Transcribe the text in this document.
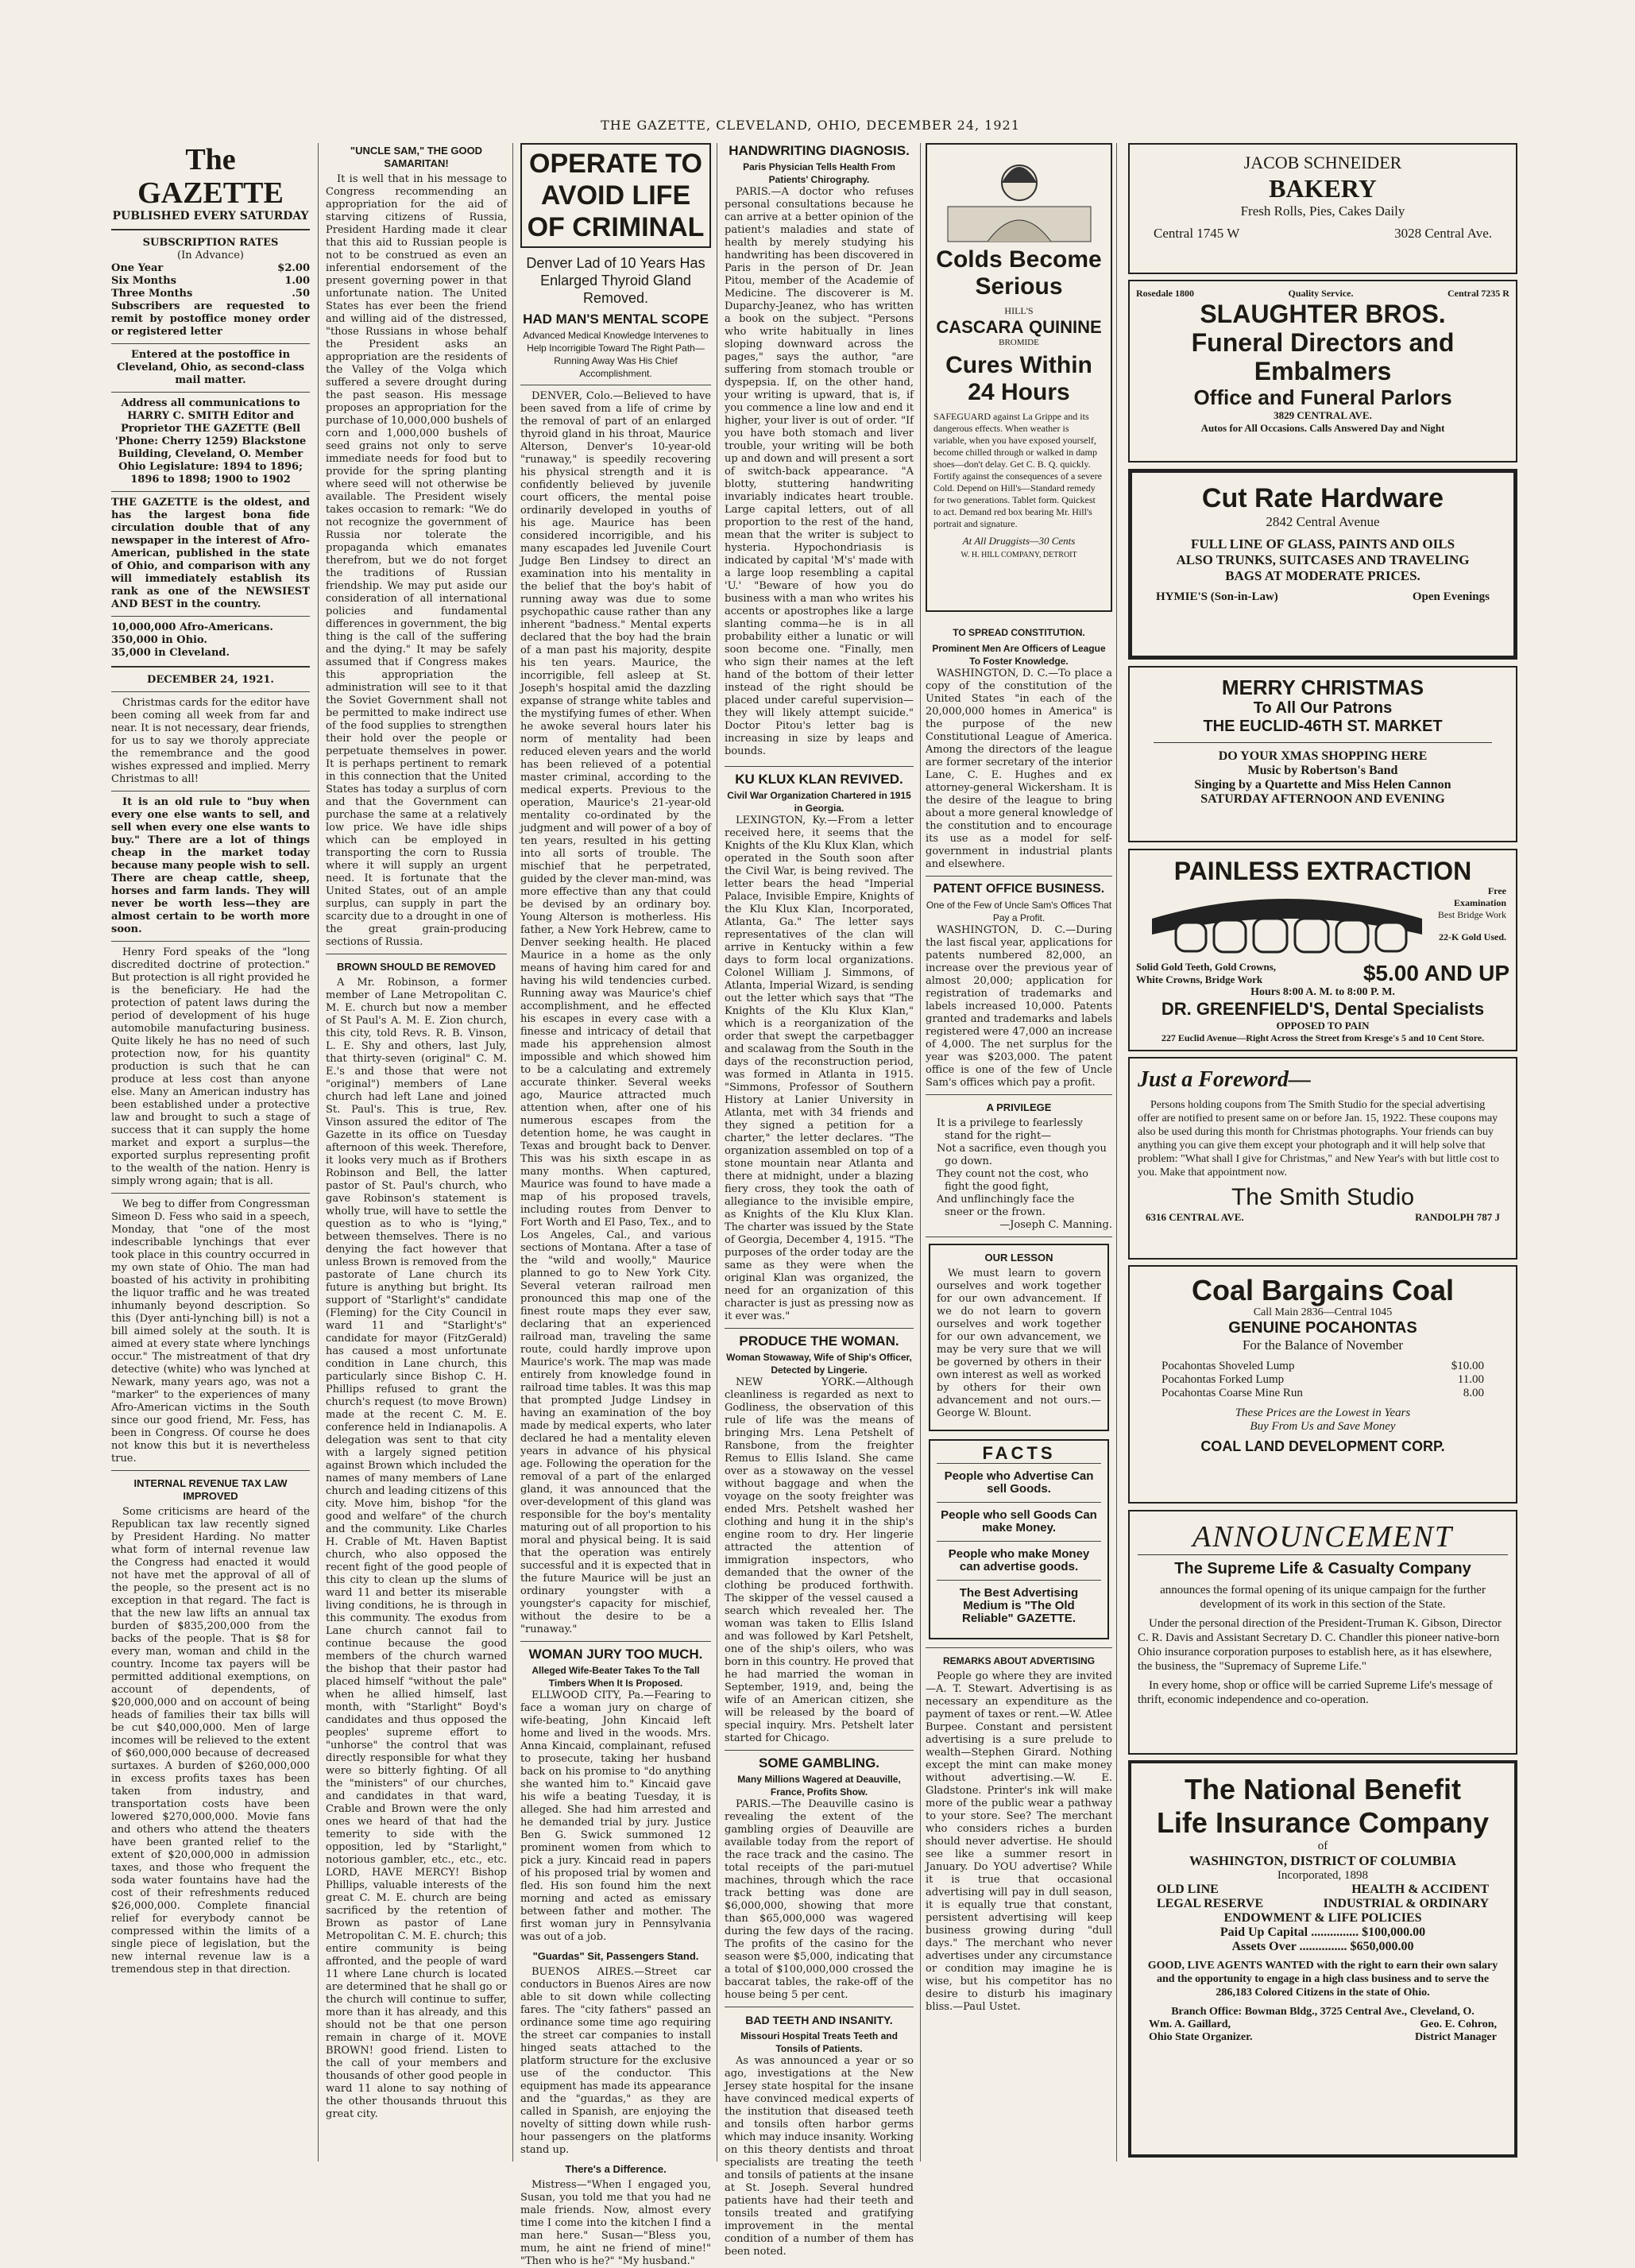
THE GAZETTE, CLEVELAND, OHIO, DECEMBER 24, 1921
The GAZETTE
PUBLISHED EVERY SATURDAY
SUBSCRIPTION RATES
(In Advance)
One Year	$2.00
Six Months	1.00
Three Months	.50

Subscribers are requested to remit by postoffice money order or registered letter

Entered at the postoffice in Cleveland, Ohio, as second-class mail matter.

Address all communications to HARRY C. SMITH Editor and Proprietor THE GAZETTE (Bell 'Phone: Cherry 1259) Blackstone Building, Cleveland, O. Member Ohio Legislature: 1894 to 1896; 1896 to 1898; 1900 to 1902

THE GAZETTE is the oldest, and has the largest bona fide circulation double that of any newspaper in the interest of Afro-American, published in the state of Ohio, and comparison with any will immediately establish its rank as one of the NEWSIEST AND BEST in the country.

10,000,000 Afro-Americans.

350,000 in Ohio.

35,000 in Cleveland.

DECEMBER 24, 1921.

Christmas cards for the editor have been coming all week from far and near. It is not necessary, dear friends, for us to say we thoroly appreciate the remembrance and the good wishes expressed and implied. Merry Christmas to all!

It is an old rule to "buy when every one else wants to sell, and sell when every one else wants to buy." There are a lot of things cheap in the market today because many people wish to sell. There are cheap cattle, sheep, horses and farm lands. They will never be worth less—they are almost certain to be worth more soon.

Henry Ford speaks of the "long discredited doctrine of protection." But protection is all right provided he is the beneficiary. He had the protection of patent laws during the period of development of his huge automobile manufacturing business. Quite likely he has no need of such protection now, for his quantity production is such that he can produce at less cost than anyone else. Many an American industry has been established under a protective law and brought to such a stage of success that it can supply the home market and export a surplus—the exported surplus representing profit to the wealth of the nation. Henry is simply wrong again; that is all.

We beg to differ from Congressman Simeon D. Fess who said in a speech, Monday, that "one of the most indescribable lynchings that ever took place in this country occurred in my own state of Ohio. The man had boasted of his activity in prohibiting the liquor traffic and he was treated inhumanly beyond description. So this (Dyer anti-lynching bill) is not a bill aimed solely at the south. It is aimed at every state where lynchings occur." The mistreatment of that dry detective (white) who was lynched at Newark, many years ago, was not a "marker" to the experiences of many Afro-American victims in the South since our good friend, Mr. Fess, has been in Congress. Of course he does not know this but it is nevertheless true.

INTERNAL REVENUE TAX LAW IMPROVED

Some criticisms are heard of the Republican tax law recently signed by President Harding. No matter what form of internal revenue law the Congress had enacted it would not have met the approval of all of the people, so the present act is no exception in that regard. The fact is that the new law lifts an annual tax burden of $835,200,000 from the backs of the people. That is $8 for every man, woman and child in the country. Income tax payers will be permitted additional exemptions, on account of dependents, of $20,000,000 and on account of being heads of families their tax bills will be cut $40,000,000. Men of large incomes will be relieved to the extent of $60,000,000 because of decreased surtaxes. A burden of $260,000,000 in excess profits taxes has been taken from industry, and transportation costs have been lowered $270,000,000. Movie fans and others who attend the theaters have been granted relief to the extent of $20,000,000 in admission taxes, and those who frequent the soda water fountains have had the cost of their refreshments reduced $26,000,000. Complete financial relief for everybody cannot be compressed within the limits of a single piece of legislation, but the new internal revenue law is a tremendous step in that direction.

"UNCLE SAM," THE GOOD SAMARITAN!

It is well that in his message to Congress recommending an appropriation for the aid of starving citizens of Russia, President Harding made it clear that this aid to Russian people is not to be construed as even an inferential endorsement of the present governing power in that unfortunate nation. The United States has ever been the friend and willing aid of the distressed, "those Russians in whose behalf the President asks an appropriation are the residents of the Valley of the Volga which suffered a severe drought during the past season. His message proposes an appropriation for the purchase of 10,000,000 bushels of corn and 1,000,000 bushels of seed grains not only to serve immediate needs for food but to provide for the spring planting where seed will not otherwise be available. The President wisely takes occasion to remark: "We do not recognize the government of Russia nor tolerate the propaganda which emanates therefrom, but we do not forget the traditions of Russian friendship. We may put aside our consideration of all international policies and fundamental differences in government, the big thing is the call of the suffering and the dying." It may be safely assumed that if Congress makes this appropriation the administration will see to it that the Soviet Government shall not be permitted to make indirect use of the food supplies to strengthen their hold over the people or perpetuate themselves in power. It is perhaps pertinent to remark in this connection that the United States has today a surplus of corn and that the Government can purchase the same at a relatively low price. We have idle ships which can be employed in transporting the corn to Russia where it will supply an urgent need. It is fortunate that the United States, out of an ample surplus, can supply in part the scarcity due to a drought in one of the great grain-producing sections of Russia.

BROWN SHOULD BE REMOVED

A Mr. Robinson, a former member of Lane Metropolitan C. M. E. church but now a member of St Paul's A. M. E. Zion church, this city, told Revs. R. B. Vinson, L. E. Shy and others, last July, that thirty-seven (original" C. M. E.'s and those that were not "original") members of Lane church had left Lane and joined St. Paul's. This is true, Rev. Vinson assured the editor of The Gazette in its office on Tuesday afternoon of this week. Therefore, it looks very much as if Brothers Robinson and Bell, the latter pastor of St. Paul's church, who gave Robinson's statement is wholly true, will have to settle the question as to who is "lying," between themselves. There is no denying the fact however that unless Brown is removed from the pastorate of Lane church its future is anything but bright. Its support of "Starlight's" candidate (Fleming) for the City Council in ward 11 and "Starlight's" candidate for mayor (FitzGerald) has caused a most unfortunate condition in Lane church, this particularly since Bishop C. H. Phillips refused to grant the church's request (to move Brown) made at the recent C. M. E. conference held in Indianapolis. A delegation was sent to that city with a largely signed petition against Brown which included the names of many members of Lane church and leading citizens of this city. Move him, bishop "for the good and welfare" of the church and the community. Like Charles H. Crable of Mt. Haven Baptist church, who also opposed the recent fight of the good people of this city to clean up the slums of ward 11 and better its miserable living conditions, he is through in this community. The exodus from Lane church cannot fail to continue because the good members of the church warned the bishop that their pastor had placed himself "without the pale" when he allied himself, last month, with "Starlight" Boyd's candidates and thus opposed the peoples' supreme effort to "unhorse" the control that was directly responsible for what they were so bitterly fighting. Of all the "ministers" of our churches, and candidates in that ward, Crable and Brown were the only ones we heard of that had the temerity to side with the opposition, led by "Starlight," notorious gambler, etc., etc., etc. LORD, HAVE MERCY! Bishop Phillips, valuable interests of the great C. M. E. church are being sacrificed by the retention of Brown as pastor of Lane Metropolitan C. M. E. church; this entire community is being affronted, and the people of ward 11 where Lane church is located are determined that he shall go or the church will continue to suffer, more than it has already, and this should not be that one person remain in charge of it. MOVE BROWN! good friend. Listen to the call of your members and thousands of other good people in ward 11 alone to say nothing of the other thousands thruout this great city.

OPERATE TO AVOID LIFE OF CRIMINAL
Denver Lad of 10 Years Has Enlarged Thyroid Gland Removed.
HAD MAN'S MENTAL SCOPE

Advanced Medical Knowledge Intervenes to Help Incorrigible Toward The Right Path—Running Away Was His Chief Accomplishment.

DENVER, Colo.—Believed to have been saved from a life of crime by the removal of part of an enlarged thyroid gland in his throat, Maurice Alterson, Denver's 10-year-old "runaway," is speedily recovering his physical strength and it is confidently believed by juvenile court officers, the mental poise ordinarily developed in youths of his age. Maurice has been considered incorrigible, and his many escapades led Juvenile Court Judge Ben Lindsey to direct an examination into his mentality in the belief that the boy's habit of running away was due to some psychopathic cause rather than any inherent "badness." Mental experts declared that the boy had the brain of a man past his majority, despite his ten years. Maurice, the incorrigible, fell asleep at St. Joseph's hospital amid the dazzling expanse of strange white tables and the mystifying fumes of ether. When he awoke several hours later his norm of mentality had been reduced eleven years and the world has been relieved of a potential master criminal, according to the medical experts. Previous to the operation, Maurice's 21-year-old mentality co-ordinated by the judgment and will power of a boy of ten years, resulted in his getting into all sorts of trouble. The mischief that he perpetrated, guided by the clever man-mind, was more effective than any that could be devised by an ordinary boy. Young Alterson is motherless. His father, a New York Hebrew, came to Denver seeking health. He placed Maurice in a home as the only means of having him cared for and having his wild tendencies curbed. Running away was Maurice's chief accomplishment, and he effected his escapes in every case with a finesse and intricacy of detail that made his apprehension almost impossible and which showed him to be a calculating and extremely accurate thinker. Several weeks ago, Maurice attracted much attention when, after one of his numerous escapes from the detention home, he was caught in Texas and brought back to Denver. This was his sixth escape in as many months. When captured, Maurice was found to have made a map of his proposed travels, including routes from Denver to Fort Worth and El Paso, Tex., and to Los Angeles, Cal., and various sections of Montana. After a tase of the "wild and woolly," Maurice planned to go to New York City. Several veteran railroad men pronounced this map one of the finest route maps they ever saw, declaring that an experienced railroad man, traveling the same route, could hardly improve upon Maurice's work. The map was made entirely from knowledge found in railroad time tables. It was this map that prompted Judge Lindsey in having an examination of the boy made by medical experts, who later declared he had a mentality eleven years in advance of his physical age. Following the operation for the removal of a part of the enlarged gland, it was announced that the over-development of this gland was responsible for the boy's mentality maturing out of all proportion to his moral and physical being. It is said that the operation was entirely successful and it is expected that in the future Maurice will be just an ordinary youngster with a youngster's capacity for mischief, without the desire to be a "runaway."

WOMAN JURY TOO MUCH.

Alleged Wife-Beater Takes To the Tall Timbers When It Is Proposed.

ELLWOOD CITY, Pa.—Fearing to face a woman jury on charge of wife-beating, John Kincaid left home and lived in the woods. Mrs. Anna Kincaid, complainant, refused to prosecute, taking her husband back on his promise to "do anything she wanted him to." Kincaid gave his wife a beating Tuesday, it is alleged. She had him arrested and he demanded trial by jury. Justice Ben G. Swick summoned 12 prominent women from which to pick a jury. Kincaid read in papers of his proposed trial by women and fled. His son found him the next morning and acted as emissary between father and mother. The first woman jury in Pennsylvania was out of a job.

"Guardas" Sit, Passengers Stand.

BUENOS AIRES.—Street car conductors in Buenos Aires are now able to sit down while collecting fares. The "city fathers" passed an ordinance some time ago requiring the street car companies to install hinged seats attached to the platform structure for the exclusive use of the conductor. This equipment has made its appearance and the "guardas," as they are called in Spanish, are enjoying the novelty of sitting down while rush-hour passengers on the platforms stand up.

There's a Difference.

Mistress—"When I engaged you, Susan, you told me that you had ne male friends. Now, almost every time I come into the kitchen I find a man here." Susan—"Bless you, mum, he aint ne friend of mine!" "Then who is he?" "My husband."

HANDWRITING DIAGNOSIS.

Paris Physician Tells Health From Patients' Chirography.

PARIS.—A doctor who refuses personal consultations because he can arrive at a better opinion of the patient's maladies and state of health by merely studying his handwriting has been discovered in Paris in the person of Dr. Jean Pitou, member of the Academie of Medicine. The discoverer is M. Duparchy-Jeanez, who has written a book on the subject. "Persons who write habitually in lines sloping downward across the pages," says the author, "are suffering from stomach trouble or dyspepsia. If, on the other hand, your writing is upward, that is, if you commence a line low and end it higher, your liver is out of order. "If you have both stomach and liver trouble, your writing will be both up and down and will present a sort of switch-back appearance. "A blotty, stuttering handwriting invariably indicates heart trouble. Large capital letters, out of all proportion to the rest of the hand, mean that the writer is subject to hysteria. Hypochondriasis is indicated by capital 'M's' made with a large loop resembling a capital 'U.' "Beware of how you do business with a man who writes his accents or apostrophes like a large slanting comma—he is in all probability either a lunatic or will soon become one. "Finally, men who sign their names at the left hand of the bottom of their letter instead of the right should be placed under careful supervision—they will likely attempt suicide." Doctor Pitou's letter bag is increasing in size by leaps and bounds.

KU KLUX KLAN REVIVED.

Civil War Organization Chartered in 1915 in Georgia.

LEXINGTON, Ky.—From a letter received here, it seems that the Knights of the Klu Klux Klan, which operated in the South soon after the Civil War, is being revived. The letter bears the head "Imperial Palace, Invisible Empire, Knights of the Klu Klux Klan, Incorporated, Atlanta, Ga." The letter says representatives of the clan will arrive in Kentucky within a few days to form local organizations. Colonel William J. Simmons, of Atlanta, Imperial Wizard, is sending out the letter which says that "The Knights of the Klu Klux Klan," which is a reorganization of the order that swept the carpetbagger and scalawag from the South in the days of the reconstruction period, was formed in Atlanta in 1915. "Simmons, Professor of Southern History at Lanier University in Atlanta, met with 34 friends and they signed a petition for a charter," the letter declares. "The organization assembled on top of a stone mountain near Atlanta and there at midnight, under a blazing fiery cross, they took the oath of allegiance to the invisible empire, as Knights of the Klu Klux Klan. The charter was issued by the State of Georgia, December 4, 1915. "The purposes of the order today are the same as they were when the original Klan was organized, the need for an organization of this character is just as pressing now as it ever was."

PRODUCE THE WOMAN.

Woman Stowaway, Wife of Ship's Officer, Detected by Lingerie.

NEW YORK.—Although cleanliness is regarded as next to Godliness, the observation of this rule of life was the means of bringing Mrs. Lena Petshelt of Ransbone, from the freighter Remus to Ellis Island. She came over as a stowaway on the vessel without baggage and when the voyage on the sooty freighter was ended Mrs. Petshelt washed her clothing and hung it in the ship's engine room to dry. Her lingerie attracted the attention of immigration inspectors, who demanded that the owner of the clothing be produced forthwith. The skipper of the vessel caused a search which revealed her. The woman was taken to Ellis Island and was followed by Karl Petshelt, one of the ship's oilers, who was born in this country. He proved that he had married the woman in September, 1919, and, being the wife of an American citizen, she will be released by the board of special inquiry. Mrs. Petshelt later started for Chicago.

SOME GAMBLING.

Many Millions Wagered at Deauville, France, Profits Show.

PARIS.—The Deauville casino is revealing the extent of the gambling orgies of Deauville are available today from the report of the race track and the casino. The total receipts of the pari-mutuel machines, through which the race track betting was done are $6,000,000, showing that more than $65,000,000 was wagered during the few days of the racing. The profits of the casino for the season were $5,000, indicating that a total of $100,000,000 crossed the baccarat tables, the rake-off of the house being 5 per cent.

BAD TEETH AND INSANITY.

Missouri Hospital Treats Teeth and Tonsils of Patients.

As was announced a year or so ago, investigations at the New Jersey state hospital for the insane have convinced medical experts of the institution that diseased teeth and tonsils often harbor germs which may induce insanity. Working on this theory dentists and throat specialists are treating the teeth and tonsils of patients at the insane at St. Joseph. Several hundred patients have had their teeth and tonsils treated and gratifying improvement in the mental condition of a number of them has been noted.

Colds Become Serious
HILL'S
CASCARA QUININE
BROMIDE
Cures Within 24 Hours

SAFEGUARD against La Grippe and its dangerous effects. When weather is variable, when you have exposed yourself, become chilled through or walked in damp shoes—don't delay. Get C. B. Q. quickly. Fortify against the consequences of a severe Cold. Depend on Hill's—Standard remedy for two generations. Tablet form. Quickest to act. Demand red box bearing Mr. Hill's portrait and signature.

At All Druggists—30 Cents

W. H. HILL COMPANY, DETROIT

TO SPREAD CONSTITUTION.

Prominent Men Are Officers of League To Foster Knowledge.

WASHINGTON, D. C.—To place a copy of the constitution of the United States "in each of the 20,000,000 homes in America" is the purpose of the new Constitutional League of America. Among the directors of the league are former secretary of the interior Lane, C. E. Hughes and ex attorney-general Wickersham. It is the desire of the league to bring about a more general knowledge of the constitution and to encourage its use as a model for self-government in industrial plants and elsewhere.

PATENT OFFICE BUSINESS.

One of the Few of Uncle Sam's Offices That Pay a Profit.

WASHINGTON, D. C.—During the last fiscal year, applications for patents numbered 82,000, an increase over the previous year of almost 20,000; application for registration of trademarks and labels increased 10,000. Patents granted and trademarks and labels registered were 47,000 an increase of 4,000. The net surplus for the year was $203,000. The patent office is one of the few of Uncle Sam's offices which pay a profit.

A PRIVILEGE
It is a privilege to fearlessly
stand for the right—
Not a sacrifice, even though you
go down.
They count not the cost, who
fight the good fight,
And unflinchingly face the
sneer or the frown.
—Joseph C. Manning.
OUR LESSON

We must learn to govern ourselves and work together for our own advancement. If we do not learn to govern ourselves and work together for our own advancement, we may be very sure that we will be governed by others in their own interest as well as worked by others for their own advancement and not ours.—George W. Blount.

FACTS
People who Advertise Can sell Goods.
People who sell Goods Can make Money.
People who make Money can advertise goods.
The Best Advertising Medium is "The Old Reliable" GAZETTE.
REMARKS ABOUT ADVERTISING

People go where they are invited —A. T. Stewart. Advertising is as necessary an expenditure as the payment of taxes or rent.—W. Atlee Burpee. Constant and persistent advertising is a sure prelude to wealth—Stephen Girard. Nothing except the mint can make money without advertising.—W. E. Gladstone. Printer's ink will make more of the public wear a pathway to your store. See? The merchant who considers riches a burden should never advertise. He should see like a summer resort in January. Do YOU advertise? While it is true that occasional advertising will pay in dull season, it is equally true that constant, persistent advertising will keep business growing during "dull days." The merchant who never advertises under any circumstance or condition may imagine he is wise, but his competitor has no desire to disturb his imaginary bliss.—Paul Ustet.

JACOB SCHNEIDER
BAKERY
Fresh Rolls, Pies, Cakes Daily
Central 1745 W	3028 Central Ave.
Rosedale 1800	Quality Service.	Central 7235 R
SLAUGHTER BROS.
Funeral Directors and
Embalmers
Office and Funeral Parlors
3829 CENTRAL AVE.
Autos for All Occasions. Calls Answered Day and Night
Cut Rate Hardware
2842 Central Avenue
FULL LINE OF GLASS, PAINTS AND OILS
ALSO TRUNKS, SUITCASES AND TRAVELING
BAGS AT MODERATE PRICES.
HYMIE'S (Son-in-Law)	Open Evenings
MERRY CHRISTMAS
To All Our Patrons
THE EUCLID-46TH ST. MARKET
DO YOUR XMAS SHOPPING HERE
Music by Robertson's Band
Singing by a Quartette and Miss Helen Cannon
SATURDAY AFTERNOON AND EVENING
PAINLESS EXTRACTION
Free Examination
Best Bridge Work
22-K Gold Used.
Solid Gold Teeth, Gold Crowns, White Crowns, Bridge Work	$5.00 AND UP
Hours 8:00 A. M. to 8:00 P. M.
DR. GREENFIELD'S, Dental Specialists
OPPOSED TO PAIN
227 Euclid Avenue—Right Across the Street from Kresge's 5 and 10 Cent Store.
Just a Foreword—

Persons holding coupons from The Smith Studio for the special advertising offer are notified to present same on or before Jan. 15, 1922. These coupons may also be used during this month for Christmas photographs. Your friends can buy anything you can give them except your photograph and it will help solve that problem: "What shall I give for Christmas," and New Year's with but little cost to you. Make that appointment now.

The Smith Studio
6316 CENTRAL AVE.	RANDOLPH 787 J
Coal Bargains Coal
Call Main 2836—Central 1045
GENUINE POCAHONTAS
For the Balance of November
Pocahontas Shoveled Lump	$10.00
Pocahontas Forked Lump	11.00
Pocahontas Coarse Mine Run	8.00
These Prices are the Lowest in Years
Buy From Us and Save Money
COAL LAND DEVELOPMENT CORP.
ANNOUNCEMENT
The Supreme Life & Casualty Company

announces the formal opening of its unique campaign for the further development of its work in this section of the State.

Under the personal direction of the President-Truman K. Gibson, Director C. R. Davis and Assistant Secretary D. C. Chandler this pioneer native-born Ohio insurance corporation purposes to establish here, as it has elsewhere, the business, the "Supremacy of Supreme Life."

In every home, shop or office will be carried Supreme Life's message of thrift, economic independence and co-operation.

The National Benefit
Life Insurance Company
of
WASHINGTON, DISTRICT OF COLUMBIA
Incorporated, 1898
OLD LINE	HEALTH & ACCIDENT
LEGAL RESERVE	INDUSTRIAL & ORDINARY
ENDOWMENT & LIFE POLICIES
Paid Up Capital ............... $100,000.00
Assets Over ............... $650,000.00

GOOD, LIVE AGENTS WANTED with the right to earn their own salary and the opportunity to engage in a high class business and to serve the 286,183 Colored Citizens in the state of Ohio.

Branch Office: Bowman Bldg., 3725 Central Ave., Cleveland, O.

Wm. A. Gaillard,	Geo. E. Cohron,
Ohio State Organizer.	District Manager
